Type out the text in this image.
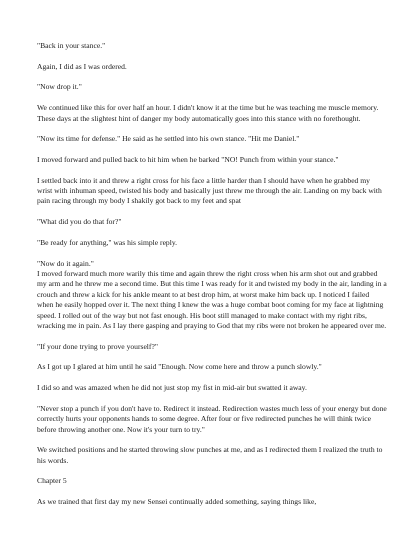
"Back in your stance."

Again, I did as I was ordered.

"Now drop it."

We continued like this for over half an hour. I didn't know it at the time but he was teaching me muscle memory. These days at the slightest hint of danger my body automatically goes into this stance with no forethought.

"Now its time for defense." He said as he settled into his own stance. "Hit me Daniel."

I moved forward and pulled back to hit him when he barked "NO! Punch from within your stance."

I settled back into it and threw a right cross for his face a little harder than I should have when he grabbed my wrist with inhuman speed, twisted his body and basically just threw me through the air. Landing on my back with pain racing through my body I shakily got back to my feet and spat

"What did you do that for?"

"Be ready for anything," was his simple reply.

"Now do it again."

I moved forward much more warily this time and again threw the right cross when his arm shot out and grabbed my arm and he threw me a second time. But this time I was ready for it and twisted my body in the air, landing in a crouch and threw a kick for his ankle meant to at best drop him, at worst make him back up. I noticed I failed when he easily hopped over it. The next thing I knew the was a huge combat boot coming for my face at lightning speed. I rolled out of the way but not fast enough. His boot still managed to make contact with my right ribs, wracking me in pain. As I lay there gasping and praying to God that my ribs were not broken he appeared over me.

"If your done trying to prove yourself?"

As I got up I glared at him until he said "Enough. Now come here and throw a punch slowly."

I did so and was amazed when he did not just stop my fist in mid-air but swatted it away.

"Never stop a punch if you don't have to. Redirect it instead. Redirection wastes much less of your energy but done correctly hurts your opponents hands to some degree. After four or five redirected punches he will think twice before throwing another one. Now it's your turn to try."

We switched positions and he started throwing slow punches at me, and as I redirected them I realized the truth to his words.

Chapter 5

As we trained that first day my new Sensei continually added something, saying things like,
